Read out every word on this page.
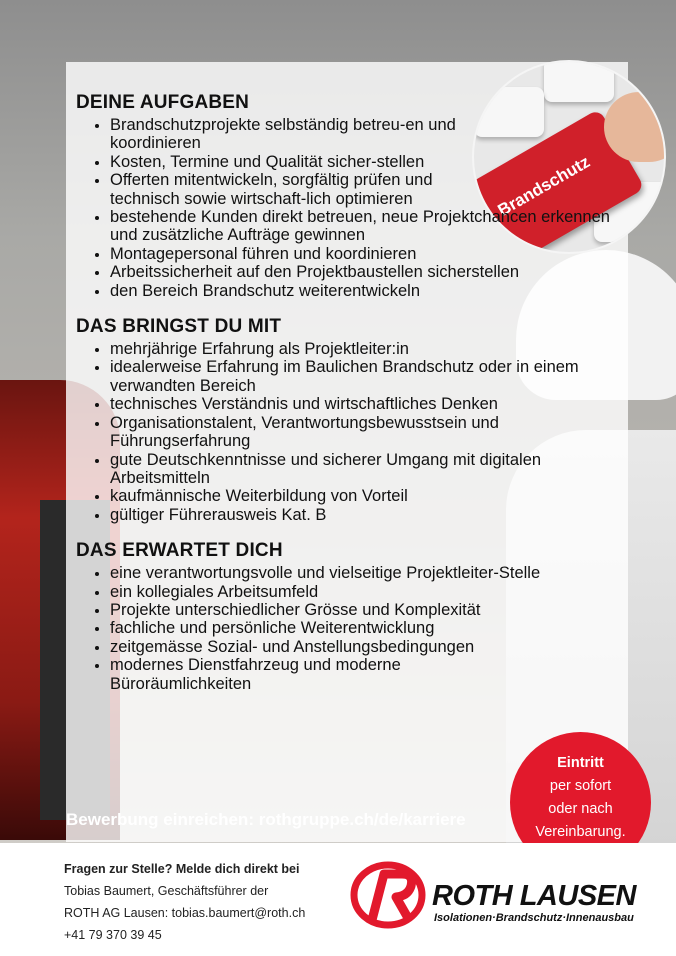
Brandschutz
DEINE AUFGABEN
• Brandschutzprojekte selbständig betreu-en und koordinieren
• Kosten, Termine und Qualität sicher-stellen
• Offerten mitentwickeln, sorgfältig prüfen und technisch sowie wirtschaft-lich optimieren
• bestehende Kunden direkt betreuen, neue Projektchancen erkennen und zusätzliche Aufträge gewinnen
• Montagepersonal führen und koordinieren
• Arbeitssicherheit auf den Projektbaustellen sicherstellen
• den Bereich Brandschutz weiterentwickeln
DAS BRINGST DU MIT
• mehrjährige Erfahrung als Projektleiter:in
• idealerweise Erfahrung im Baulichen Brandschutz oder in einem verwandten Bereich
• technisches Verständnis und wirtschaftliches Denken
• Organisationstalent, Verantwortungsbewusstsein und Führungserfahrung
• gute Deutschkenntnisse und sicherer Umgang mit digitalen Arbeitsmitteln
• kaufmännische Weiterbildung von Vorteil
• gültiger Führerausweis Kat. B
DAS ERWARTET DICH
• eine verantwortungsvolle und vielseitige Projektleiter-Stelle
• ein kollegiales Arbeitsumfeld
• Projekte unterschiedlicher Grösse und Komplexität
• fachliche und persönliche Weiterentwicklung
• zeitgemässe Sozial- und Anstellungsbedingungen
• modernes Dienstfahrzeug und moderne Büroräumlichkeiten
Bewerbung einreichen: rothgruppe.ch/de/karriere
Eintritt
per sofort
oder nach
Vereinbarung.
Fragen zur Stelle? Melde dich direkt bei
Tobias Baumert, Geschäftsführer der
ROTH AG Lausen: tobias.baumert@roth.ch
+41 79 370 39 45
ROTH LAUSEN
Isolationen·Brandschutz·Innenausbau
